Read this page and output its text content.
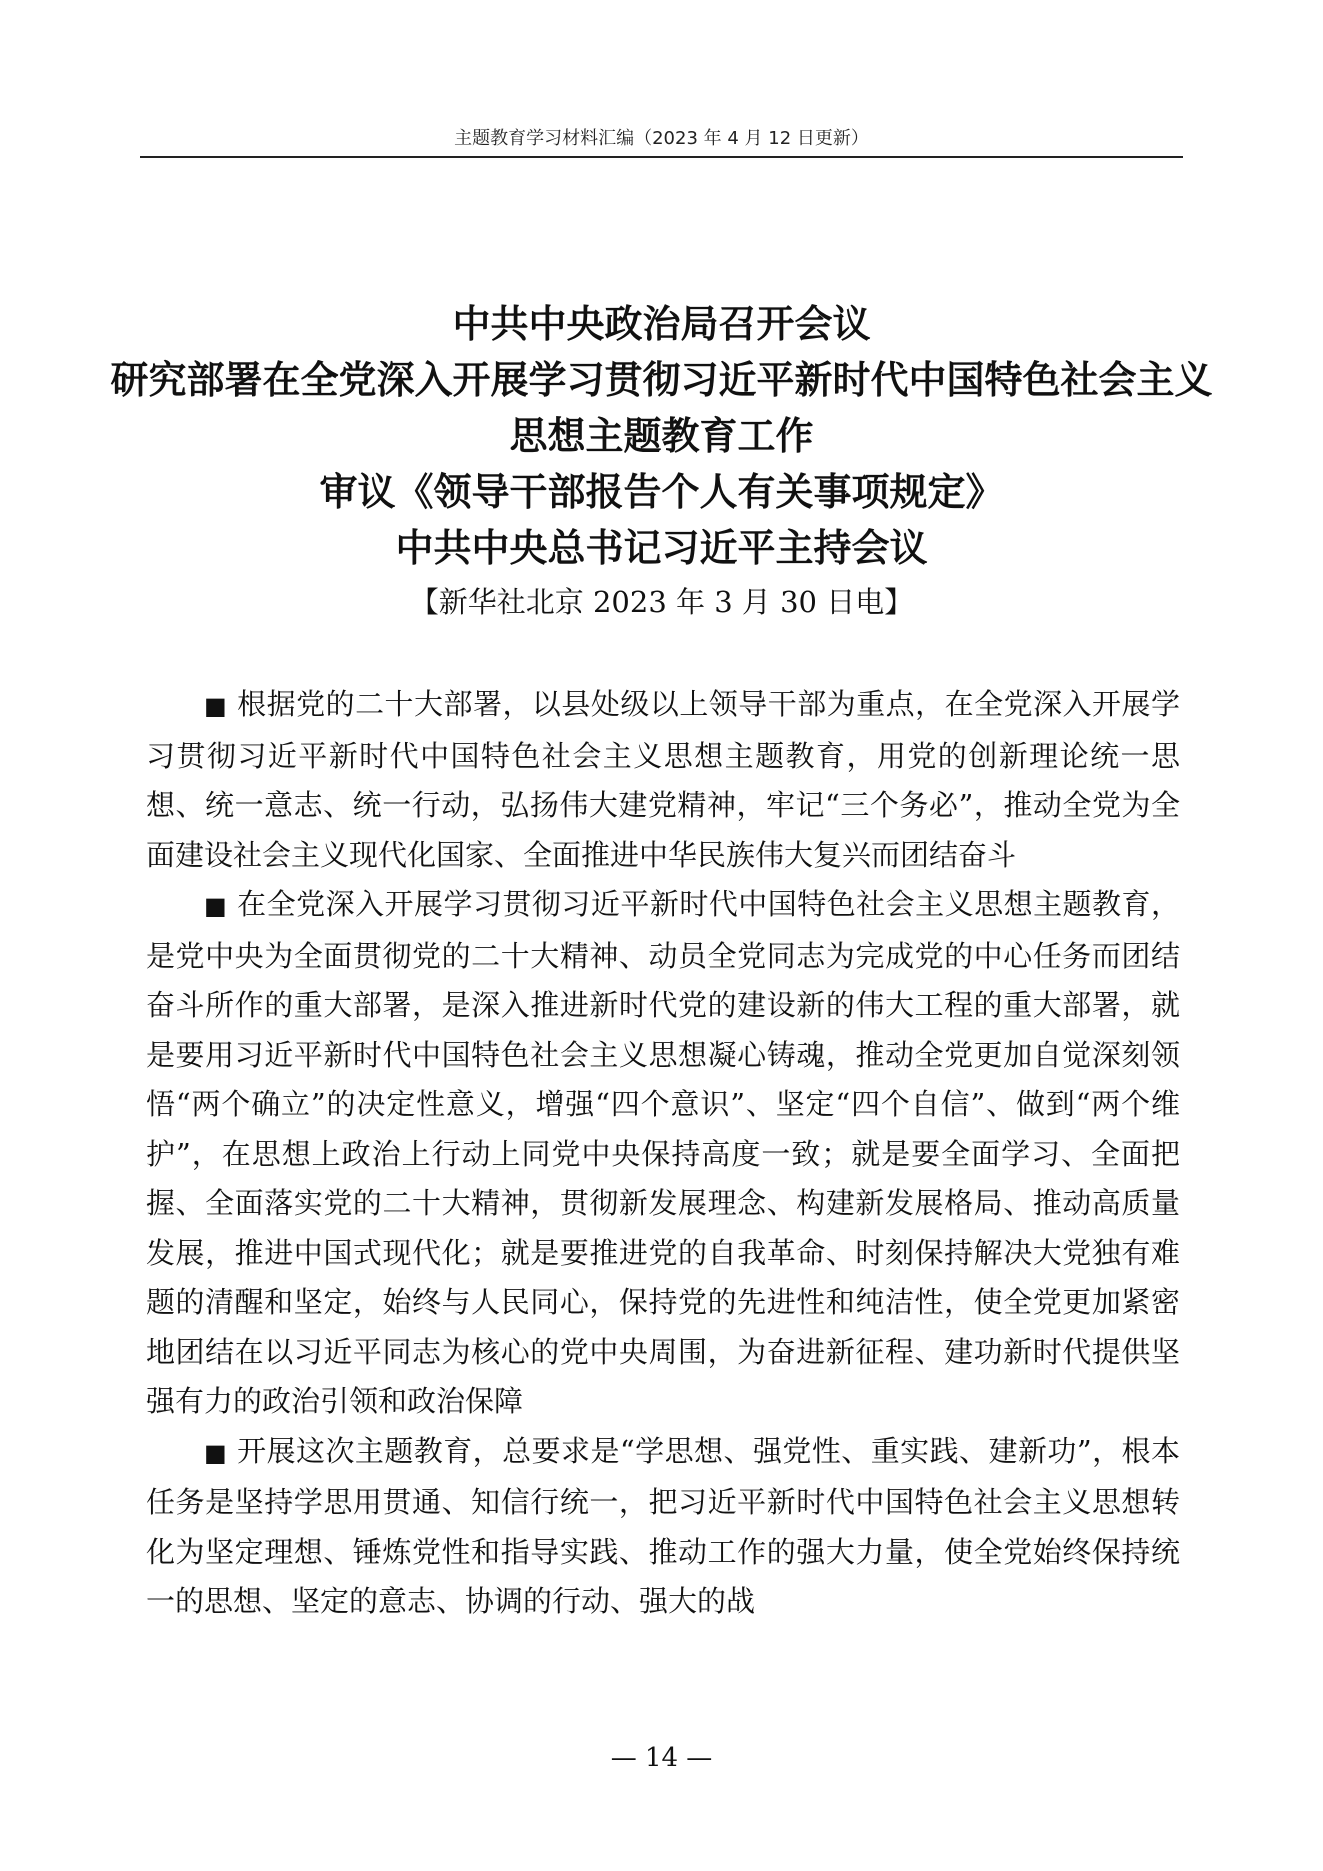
主题教育学习材料汇编（2023 年 4 月 12 日更新）
中共中央政治局召开会议
研究部署在全党深入开展学习贯彻习近平新时代中国特色社会主义
思想主题教育工作
审议《领导干部报告个人有关事项规定》
中共中央总书记习近平主持会议
【新华社北京 2023 年 3 月 30 日电】

■ 根据党的二十大部署，以县处级以上领导干部为重点，在全党深入开展学习贯彻习近平新时代中国特色社会主义思想主题教育，用党的创新理论统一思想、统一意志、统一行动，弘扬伟大建党精神，牢记“三个务必”，推动全党为全面建设社会主义现代化国家、全面推进中华民族伟大复兴而团结奋斗

■ 在全党深入开展学习贯彻习近平新时代中国特色社会主义思想主题教育，是党中央为全面贯彻党的二十大精神、动员全党同志为完成党的中心任务而团结奋斗所作的重大部署，是深入推进新时代党的建设新的伟大工程的重大部署，就是要用习近平新时代中国特色社会主义思想凝心铸魂，推动全党更加自觉深刻领悟“两个确立”的决定性意义，增强“四个意识”、坚定“四个自信”、做到“两个维护”，在思想上政治上行动上同党中央保持高度一致；就是要全面学习、全面把握、全面落实党的二十大精神，贯彻新发展理念、构建新发展格局、推动高质量发展，推进中国式现代化；就是要推进党的自我革命、时刻保持解决大党独有难题的清醒和坚定，始终与人民同心，保持党的先进性和纯洁性，使全党更加紧密地团结在以习近平同志为核心的党中央周围，为奋进新征程、建功新时代提供坚强有力的政治引领和政治保障

■ 开展这次主题教育，总要求是“学思想、强党性、重实践、建新功”，根本任务是坚持学思用贯通、知信行统一，把习近平新时代中国特色社会主义思想转化为坚定理想、锤炼党性和指导实践、推动工作的强大力量，使全党始终保持统一的思想、坚定的意志、协调的行动、强大的战

— 14 —
